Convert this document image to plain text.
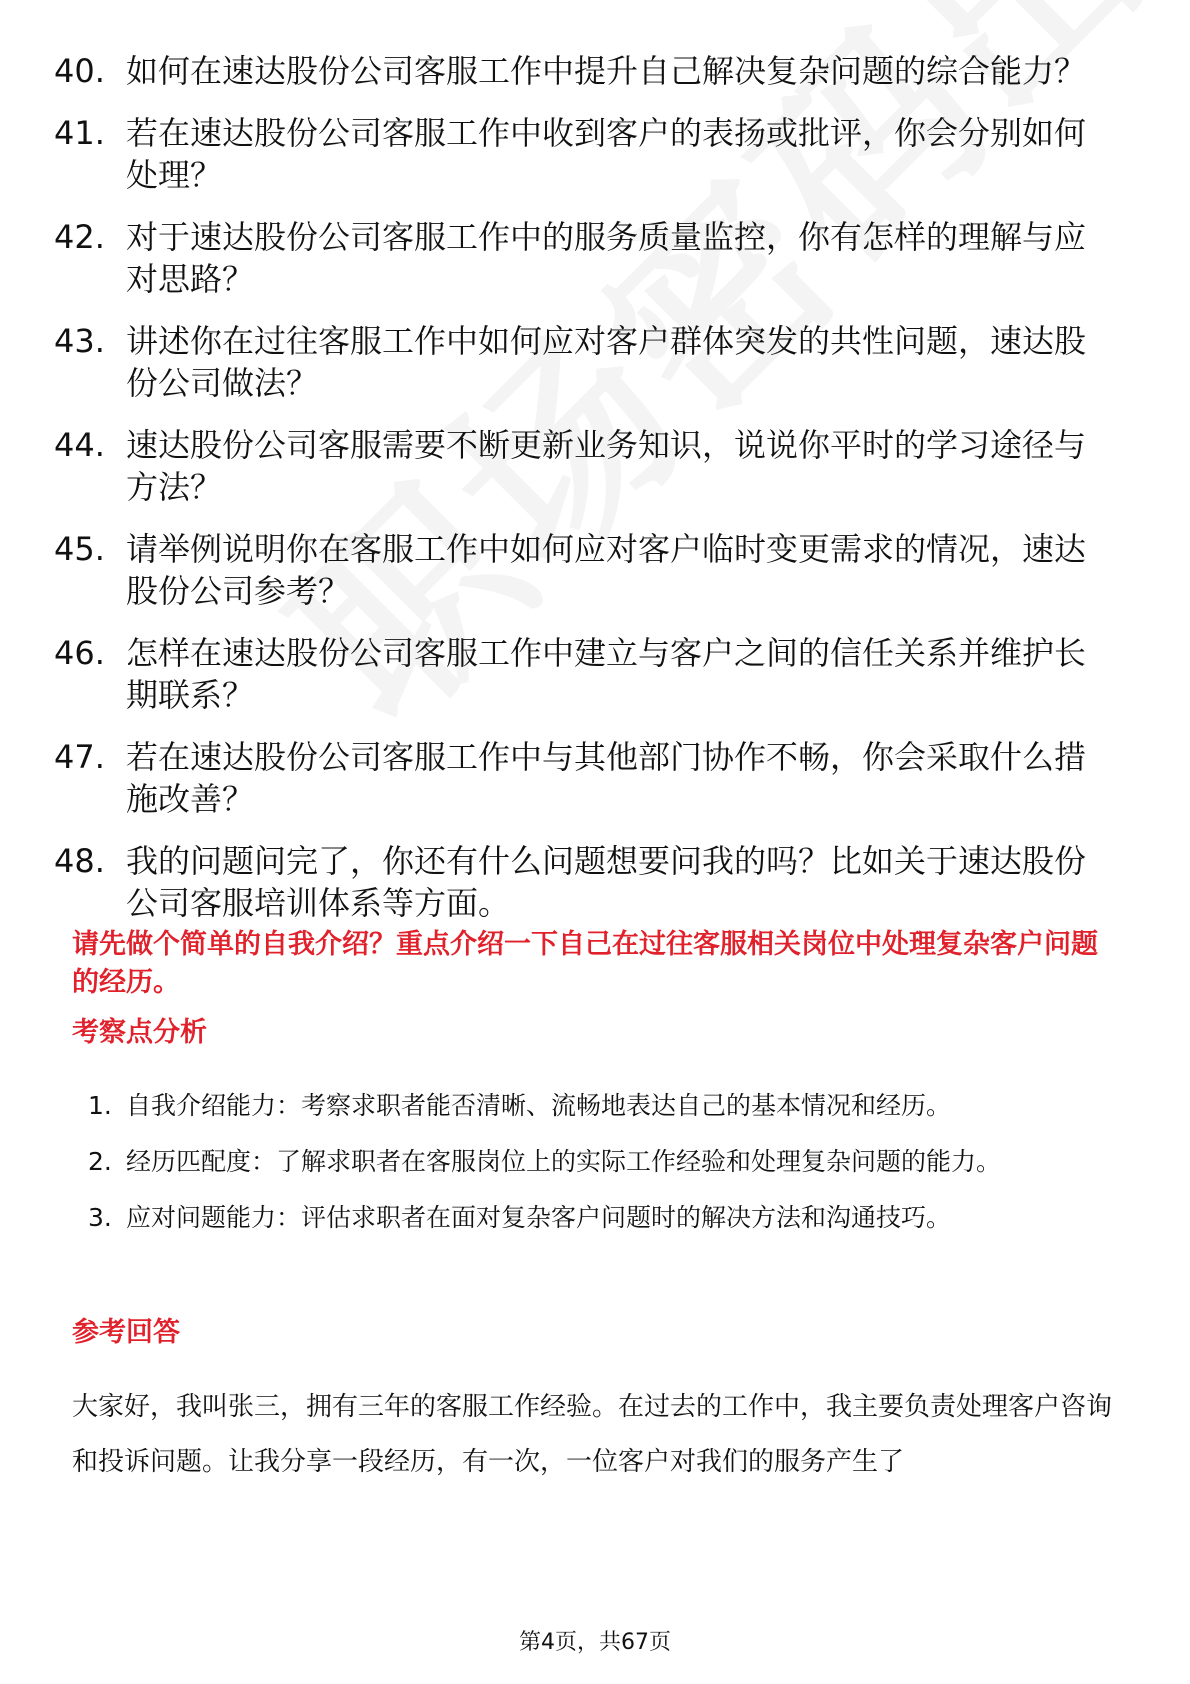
40. 如何在速达股份公司客服工作中提升自己解决复杂问题的综合能力？
41. 若在速达股份公司客服工作中收到客户的表扬或批评，你会分别如何处理？
42. 对于速达股份公司客服工作中的服务质量监控，你有怎样的理解与应对思路？
43. 讲述你在过往客服工作中如何应对客户群体突发的共性问题，速达股份公司做法？
44. 速达股份公司客服需要不断更新业务知识，说说你平时的学习途径与方法？
45. 请举例说明你在客服工作中如何应对客户临时变更需求的情况，速达股份公司参考？
46. 怎样在速达股份公司客服工作中建立与客户之间的信任关系并维护长期联系？
47. 若在速达股份公司客服工作中与其他部门协作不畅，你会采取什么措施改善？
48. 我的问题问完了，你还有什么问题想要问我的吗？比如关于速达股份公司客服培训体系等方面。
请先做个简单的自我介绍？重点介绍一下自己在过往客服相关岗位中处理复杂客户问题的经历。
考察点分析
1. 自我介绍能力：考察求职者能否清晰、流畅地表达自己的基本情况和经历。
2. 经历匹配度：了解求职者在客服岗位上的实际工作经验和处理复杂问题的能力。
3. 应对问题能力：评估求职者在面对复杂客户问题时的解决方法和沟通技巧。
参考回答
大家好，我叫张三，拥有三年的客服工作经验。在过去的工作中，我主要负责处理客户咨询和投诉问题。让我分享一段经历，有一次，一位客户对我们的服务产生了
第4页，共67页
